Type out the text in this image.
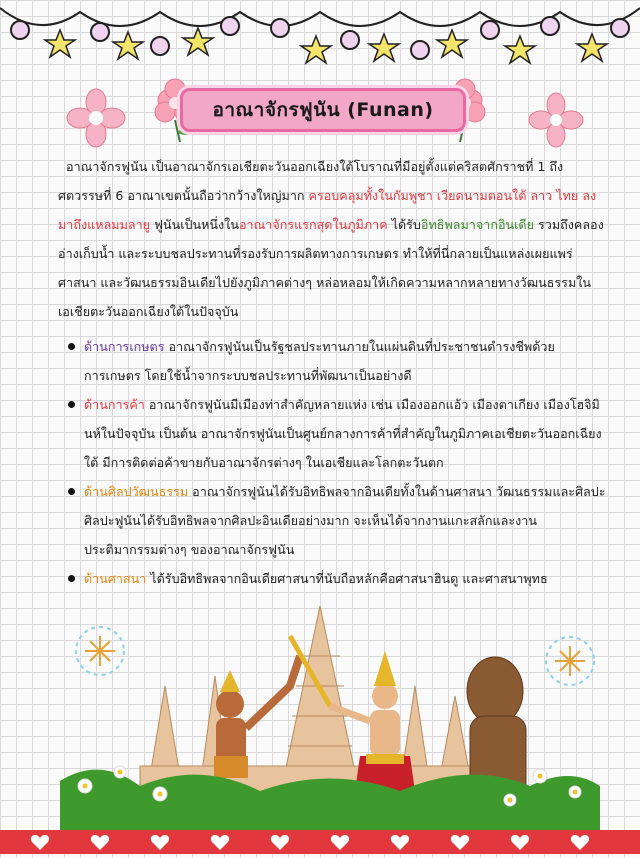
อาณาจักรฟูนัน (Funan)

อาณาจักรฟูนัน เป็นอาณาจักรเอเชียตะวันออกเฉียงใต้โบราณที่มีอยู่ตั้งแต่คริสตศักราชที่ 1 ถึงศตวรรษที่ 6 อาณาเขตนั้นถือว่ากว้างใหญ่มาก ครอบคลุมทั้งในกัมพูชา เวียดนามตอนใต้ ลาว ไทย ลงมาถึงแหลมมลายู ฟูนันเป็นหนึ่งในอาณาจักรแรกสุดในภูมิภาค ได้รับอิทธิพลมาจากอินเดีย รวมถึงคลอง อ่างเก็บน้ำ และระบบชลประทานที่รองรับการผลิตทางการเกษตร ทำให้ที่นี่กลายเป็นแหล่งเผยแพร่ศาสนา และวัฒนธรรมอินเดียไปยังภูมิภาคต่างๆ หล่อหลอมให้เกิดความหลากหลายทางวัฒนธรรมในเอเชียตะวันออกเฉียงใต้ในปัจจุบัน

ด้านการเกษตร อาณาจักรฟูนันเป็นรัฐชลประทานภายในแผ่นดินที่ประชาชนดำรงชีพด้วยการเกษตร โดยใช้น้ำจากระบบชลประทานที่พัฒนาเป็นอย่างดี
ด้านการค้า อาณาจักรฟูนันมีเมืองท่าสำคัญหลายแห่ง เช่น เมืองออกแอ้ว เมืองตาเกียง เมืองโฮจิมินห์ในปัจจุบัน เป็นต้น อาณาจักรฟูนันเป็นศูนย์กลางการค้าที่สำคัญในภูมิภาคเอเชียตะวันออกเฉียงใต้ มีการติดต่อค้าขายกับอาณาจักรต่างๆ ในเอเชียและโลกตะวันตก
ด้านศิลปวัฒนธรรม อาณาจักรฟูนันได้รับอิทธิพลจากอินเดียทั้งในด้านศาสนา วัฒนธรรมและศิลปะ ศิลปะฟูนันได้รับอิทธิพลจากศิลปะอินเดียอย่างมาก จะเห็นได้จากงานแกะสลักและงานประติมากรรมต่างๆ ของอาณาจักรฟูนัน
ด้านศาสนา ได้รับอิทธิพลจากอินเดียศาสนาที่นับถือหลักคือศาสนาฮินดู และศาสนาพุทธ
